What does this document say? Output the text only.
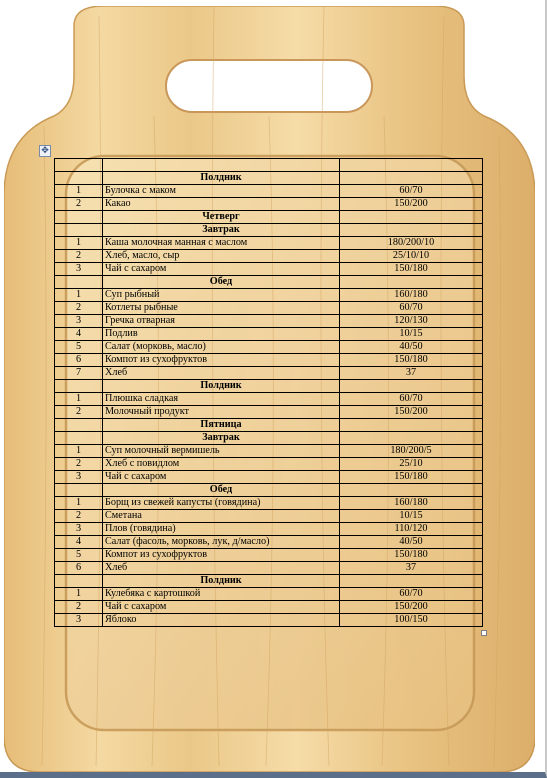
✥

	Полдник	
1	Булочка с маком	60/70
2	Какао	150/200
	Четверг	
	Завтрак	
1	Каша молочная манная с маслом	180/200/10
2	Хлеб, масло, сыр	25/10/10
3	Чай с сахаром	150/180
	Обед	
1	Суп рыбный	160/180
2	Котлеты рыбные	60/70
3	Гречка отварная	120/130
4	Подлив	10/15
5	Салат (морковь, масло)	40/50
6	Компот из сухофруктов	150/180
7	Хлеб	37
	Полдник	
1	Плюшка сладкая	60/70
2	Молочный продукт	150/200
	Пятница	
	Завтрак	
1	Суп молочный вермишель	180/200/5
2	Хлеб с повидлом	25/10
3	Чай с сахаром	150/180
	Обед	
1	Борщ из свежей капусты (говядина)	160/180
2	Сметана	10/15
3	Плов (говядина)	110/120
4	Салат (фасоль, морковь, лук, д/масло)	40/50
5	Компот из сухофруктов	150/180
6	Хлеб	37
	Полдник	
1	Кулебяка с картошкой	60/70
2	Чай с сахаром	150/200
3	Яблоко	100/150
